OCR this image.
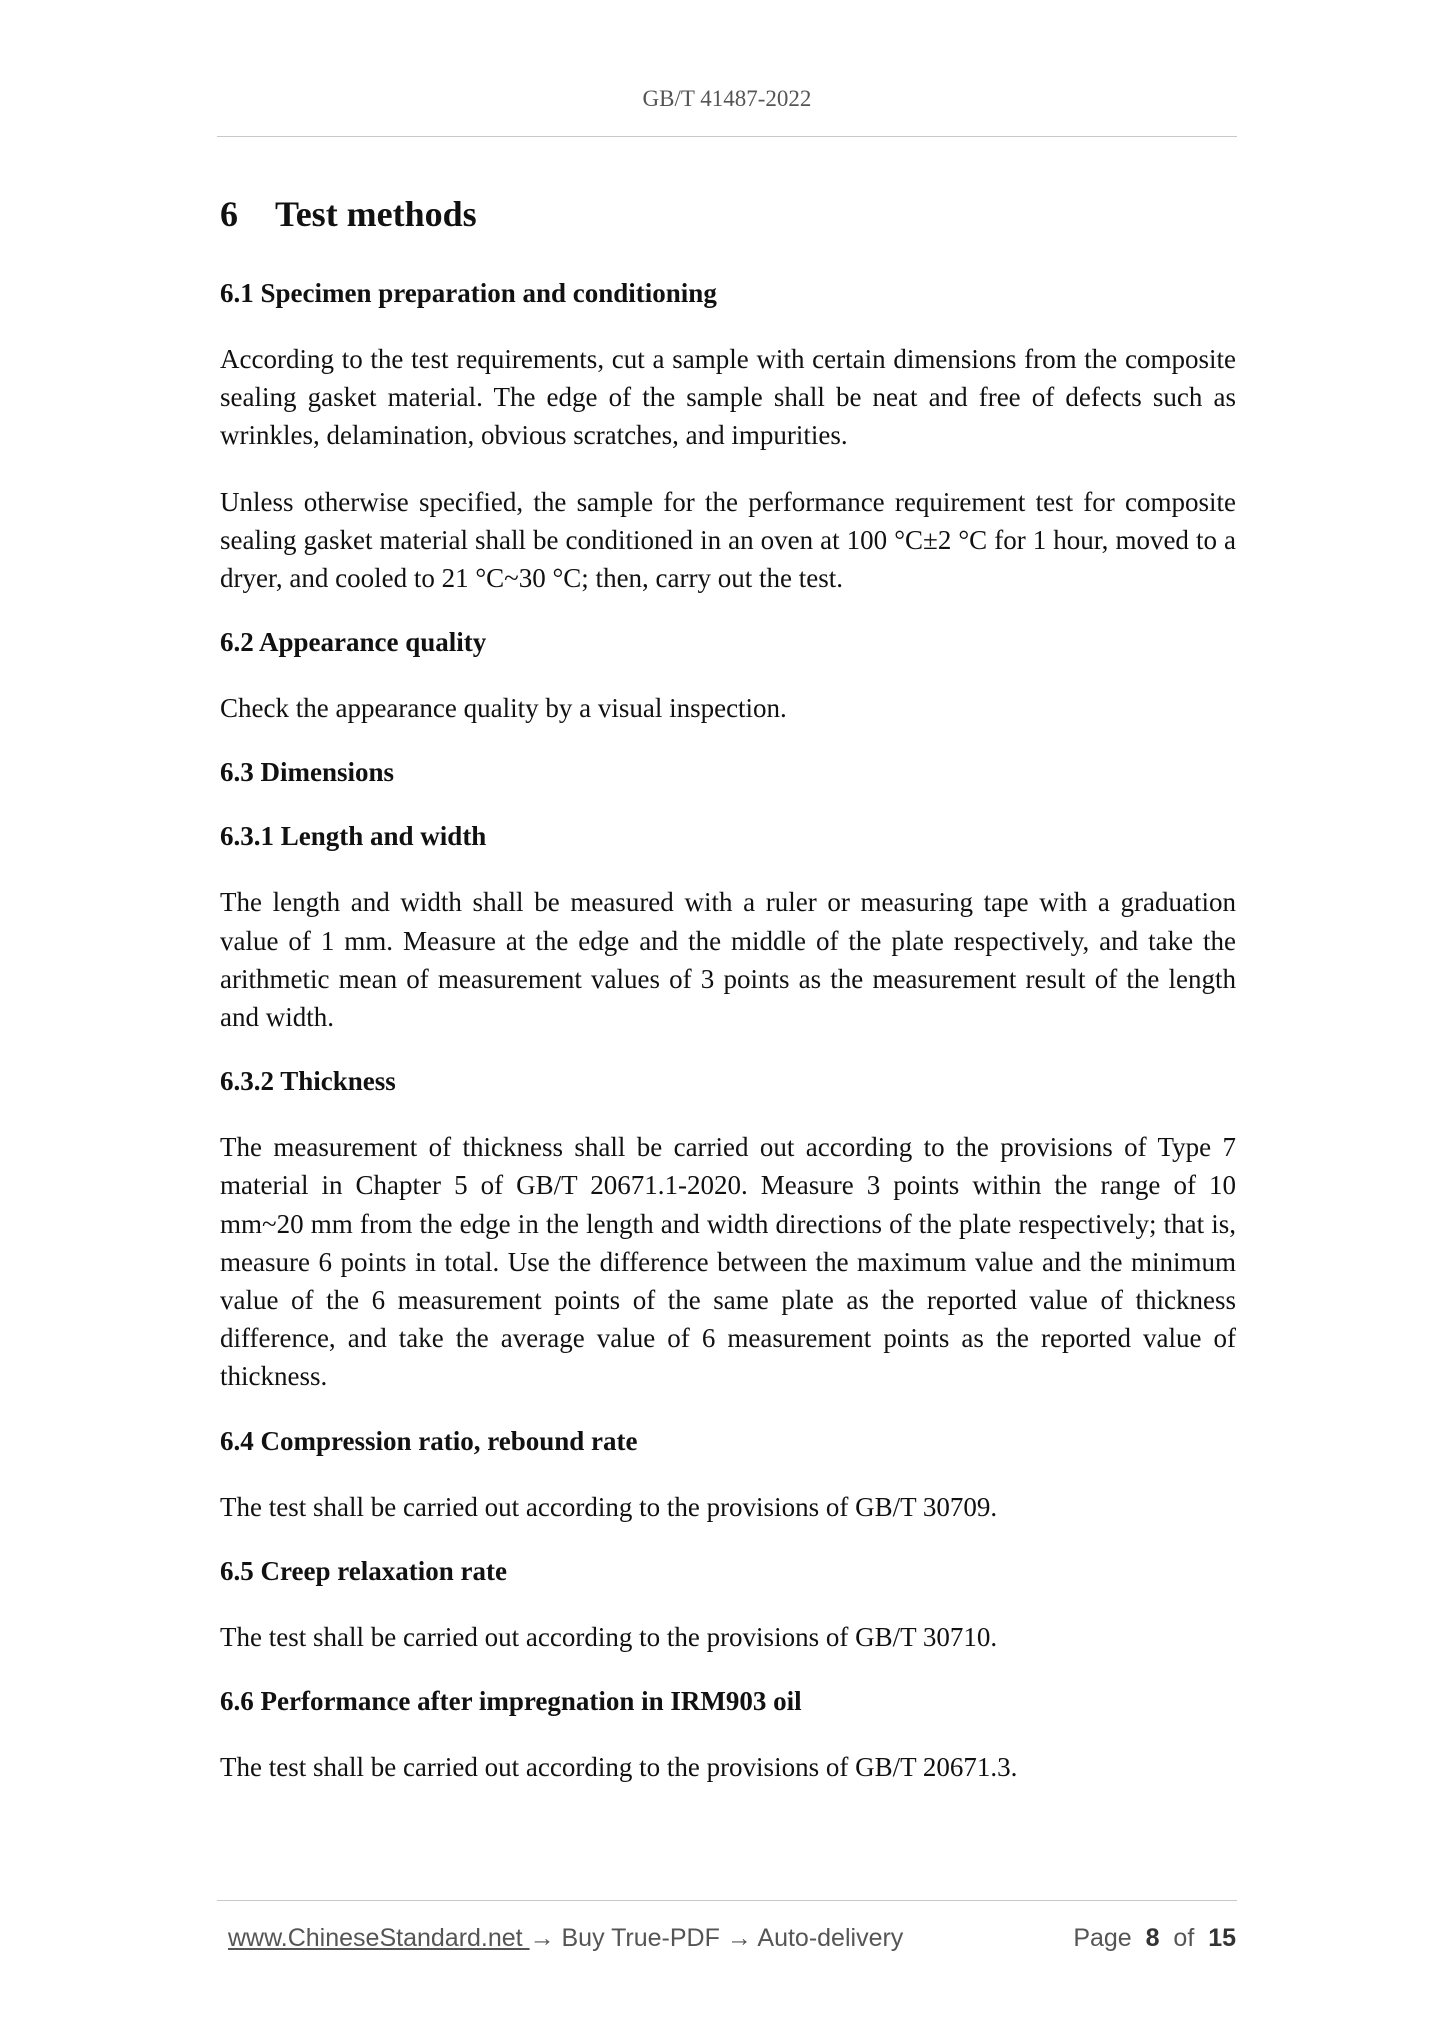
GB/T 41487-2022
6	Test methods
6.1 Specimen preparation and conditioning

According to the test requirements, cut a sample with certain dimensions from the composite sealing gasket material. The edge of the sample shall be neat and free of defects such as wrinkles, delamination, obvious scratches, and impurities.

Unless otherwise specified, the sample for the performance requirement test for composite sealing gasket material shall be conditioned in an oven at 100 °C±2 °C for 1 hour, moved to a dryer, and cooled to 21 °C~30 °C; then, carry out the test.

6.2 Appearance quality

Check the appearance quality by a visual inspection.

6.3 Dimensions
6.3.1 Length and width

The length and width shall be measured with a ruler or measuring tape with a graduation value of 1 mm. Measure at the edge and the middle of the plate respectively, and take the arithmetic mean of measurement values of 3 points as the measurement result of the length and width.

6.3.2 Thickness

The measurement of thickness shall be carried out according to the provisions of Type 7 material in Chapter 5 of GB/T 20671.1-2020. Measure 3 points within the range of 10 mm~20 mm from the edge in the length and width directions of the plate respectively; that is, measure 6 points in total. Use the difference between the maximum value and the minimum value of the 6 measurement points of the same plate as the reported value of thickness difference, and take the average value of 6 measurement points as the reported value of thickness.

6.4 Compression ratio, rebound rate

The test shall be carried out according to the provisions of GB/T 30709.

6.5 Creep relaxation rate

The test shall be carried out according to the provisions of GB/T 30710.

6.6 Performance after impregnation in IRM903 oil

The test shall be carried out according to the provisions of GB/T 20671.3.

www.ChineseStandard.net → Buy True-PDF → Auto-delivery	Page 8 of 15
